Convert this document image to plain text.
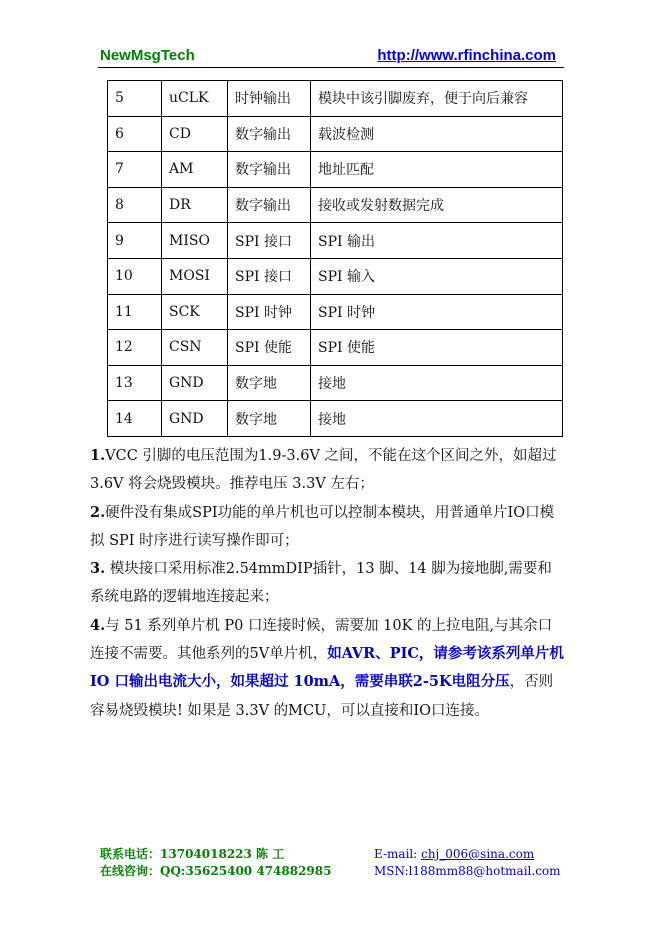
NewMsgTech	http://www.rfinchina.com
5	uCLK	时钟输出	模块中该引脚废弃，便于向后兼容
6	CD	数字输出	载波检测
7	AM	数字输出	地址匹配
8	DR	数字输出	接收或发射数据完成
9	MISO	SPI 接口	SPI 输出
10	MOSI	SPI 接口	SPI 输入
11	SCK	SPI 时钟	SPI 时钟
12	CSN	SPI 使能	SPI 使能
13	GND	数字地	接地
14	GND	数字地	接地

1.VCC 引脚的电压范围为1.9-3.6V 之间，不能在这个区间之外，如超过 3.6V 将会烧毁模块。推荐电压 3.3V 左右；

2.硬件没有集成SPI功能的单片机也可以控制本模块，用普通单片IO口模拟 SPI 时序进行读写操作即可；

3. 模块接口采用标准2.54mmDIP插针，13 脚、14 脚为接地脚,需要和系统电路的逻辑地连接起来；

4.与 51 系列单片机 P0 口连接时候，需要加 10K 的上拉电阻,与其余口连接不需要。其他系列的5V单片机，如AVR、PIC，请参考该系列单片机 IO 口输出电流大小，如果超过 10mA，需要串联2-5K电阻分压，否则容易烧毁模块! 如果是 3.3V 的MCU，可以直接和IO口连接。

联系电话：13704018223 陈 工	E-mail: chj_006@sina.com
在线咨询：QQ:35625400 474882985	MSN:l188mm88@hotmail.com
